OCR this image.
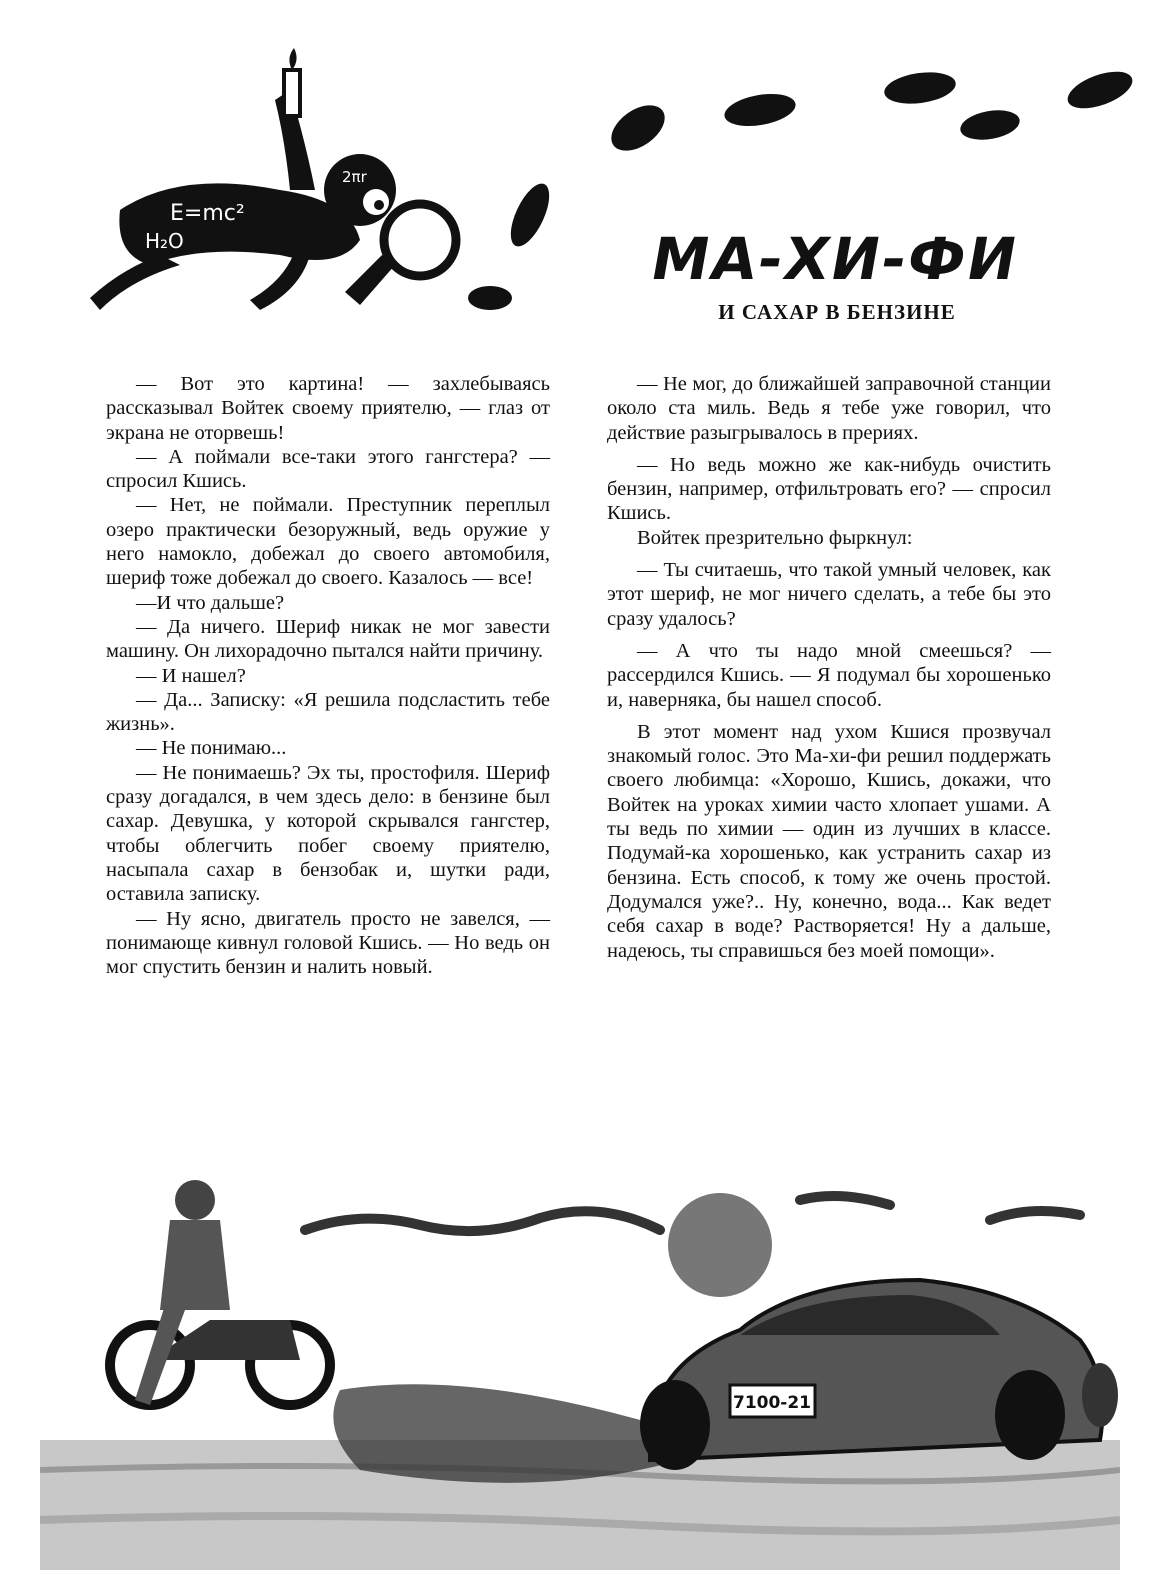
E=mc²
H₂O
2πr
МА-ХИ-ФИ
И САХАР В БЕНЗИНЕ

— Вот это картина! — захлебываясь рассказывал Войтек своему приятелю, — глаз от экрана не оторвешь!

— А поймали все-таки этого гангстера? — спросил Кшись.

— Нет, не поймали. Преступник переплыл озеро практически безоружный, ведь оружие у него намокло, добежал до своего автомобиля, шериф тоже добежал до своего. Казалось — все!

—И что дальше?

— Да ничего. Шериф никак не мог завести машину. Он лихорадочно пытался найти причину.

— И нашел?

— Да... Записку: «Я решила подсластить тебе жизнь».

— Не понимаю...

— Не понимаешь? Эх ты, простофиля. Шериф сразу догадался, в чем здесь дело: в бензине был сахар. Девушка, у которой скрывался гангстер, чтобы облегчить побег своему приятелю, насыпала сахар в бензобак и, шутки ради, оставила записку.

— Ну ясно, двигатель просто не завелся, — понимающе кивнул головой Кшись. — Но ведь он мог спустить бензин и налить новый.

— Не мог, до ближайшей заправочной станции около ста миль. Ведь я тебе уже говорил, что действие разыгрывалось в прериях.

— Но ведь можно же как-нибудь очистить бензин, например, отфильтровать его? — спросил Кшись.

Войтек презрительно фыркнул:

— Ты считаешь, что такой умный человек, как этот шериф, не мог ничего сделать, а тебе бы это сразу удалось?

— А что ты надо мной смеешься? — рассердился Кшись. — Я подумал бы хорошенько и, наверняка, бы нашел способ.

В этот момент над ухом Кшися прозвучал знакомый голос. Это Ма-хи-фи решил поддержать своего любимца: «Хорошо, Кшись, докажи, что Войтек на уроках химии часто хлопает ушами. А ты ведь по химии — один из лучших в классе. Подумай-ка хорошенько, как устранить сахар из бензина. Есть способ, к тому же очень простой. Додумался уже?.. Ну, конечно, вода... Как ведет себя сахар в воде? Растворяется! Ну а дальше, надеюсь, ты справишься без моей помощи».

7100-21
